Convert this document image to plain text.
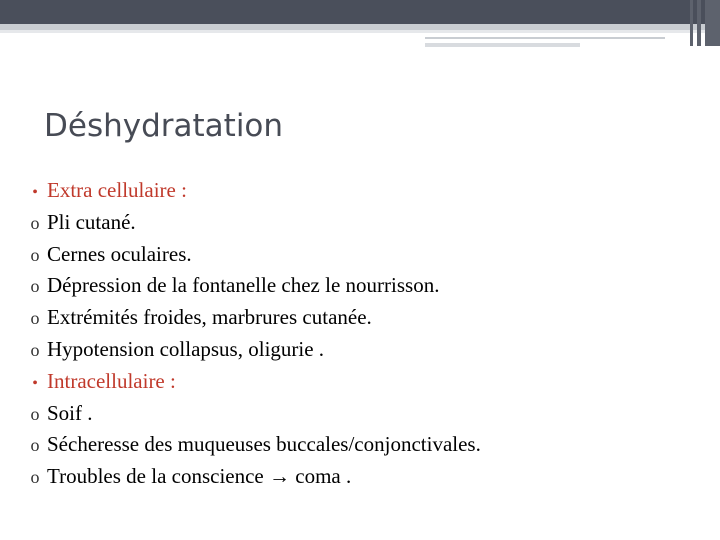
Déshydratation
• Extra cellulaire :
o Pli cutané.
o Cernes oculaires.
o Dépression de la fontanelle chez le nourrisson.
o Extrémités froides, marbrures cutanée.
o Hypotension collapsus, oligurie .
• Intracellulaire :
o Soif .
o Sécheresse des muqueuses buccales/conjonctivales.
o Troubles de la conscience → coma .
